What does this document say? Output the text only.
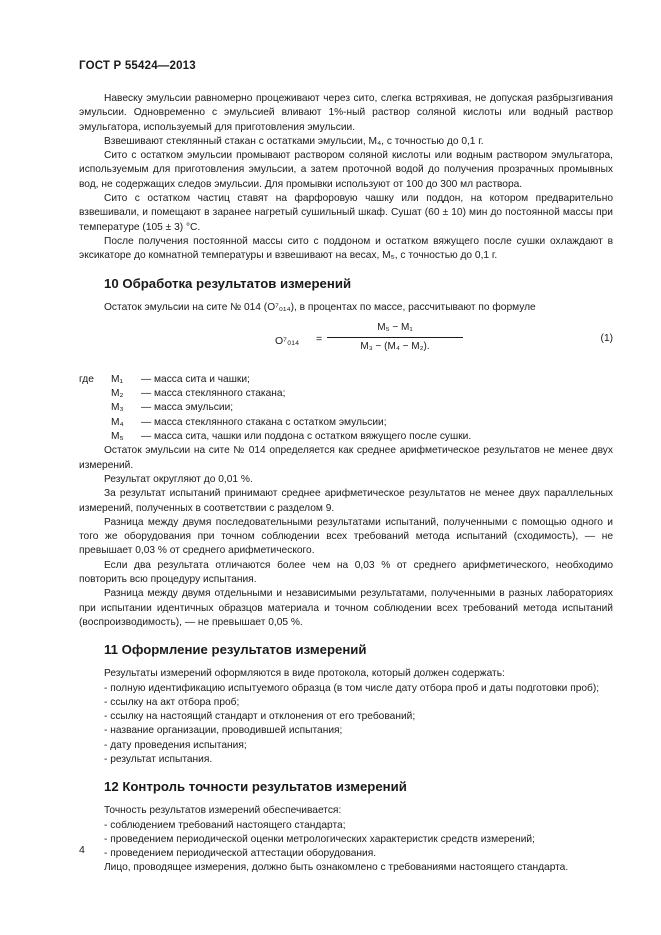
ГОСТ Р 55424—2013

Навеску эмульсии равномерно процеживают через сито, слегка встряхивая, не допуская разбрызгивания эмульсии. Одновременно с эмульсией вливают 1%-ный раствор соляной кислоты или водный раствор эмульгатора, используемый для приготовления эмульсии.

Взвешивают стеклянный стакан с остатками эмульсии, M₄, с точностью до 0,1 г.

Сито с остатком эмульсии промывают раствором соляной кислоты или водным раствором эмульгатора, используемым для приготовления эмульсии, а затем проточной водой до получения прозрачных промывных вод, не содержащих следов эмульсии. Для промывки используют от 100 до 300 мл раствора.

Сито с остатком частиц ставят на фарфоровую чашку или поддон, на котором предварительно взвешивали, и помещают в заранее нагретый сушильный шкаф. Сушат (60 ± 10) мин до постоянной массы при температуре (105 ± 3) °С.

После получения постоянной массы сито с поддоном и остатком вяжущего после сушки охлаждают в эксикаторе до комнатной температуры и взвешивают на весах, M₅, с точностью до 0,1 г.

10 Обработка результатов измерений

Остаток эмульсии на сите № 014 (O⁷₀₁₄), в процентах по массе, рассчитывают по формуле

O⁷₀₁₄ =
M₅ − M₁
M₃ − (M₄ − M₂).
(1)
где	M₁	— масса сита и чашки;
M₂	— масса стеклянного стакана;
M₃	— масса эмульсии;
M₄	— масса стеклянного стакана с остатком эмульсии;
M₅	— масса сита, чашки или поддона с остатком вяжущего после сушки.

Остаток эмульсии на сите № 014 определяется как среднее арифметическое результатов не менее двух измерений.

Результат округляют до 0,01 %.

За результат испытаний принимают среднее арифметическое результатов не менее двух параллельных измерений, полученных в соответствии с разделом 9.

Разница между двумя последовательными результатами испытаний, полученными с помощью одного и того же оборудования при точном соблюдении всех требований метода испытаний (сходимость), — не превышает 0,03 % от среднего арифметического.

Если два результата отличаются более чем на 0,03 % от среднего арифметического, необходимо повторить всю процедуру испытания.

Разница между двумя отдельными и независимыми результатами, полученными в разных лабораториях при испытании идентичных образцов материала и точном соблюдении всех требований метода испытаний (воспроизводимость), — не превышает 0,05 %.

11 Оформление результатов измерений

Результаты измерений оформляются в виде протокола, который должен содержать:

- полную идентификацию испытуемого образца (в том числе дату отбора проб и даты подготовки проб);
- ссылку на акт отбора проб;
- ссылку на настоящий стандарт и отклонения от его требований;
- название организации, проводившей испытания;
- дату проведения испытания;
- результат испытания.
12 Контроль точности результатов измерений

Точность результатов измерений обеспечивается:

- соблюдением требований настоящего стандарта;
- проведением периодической оценки метрологических характеристик средств измерений;
- проведением периодической аттестации оборудования.

Лицо, проводящее измерения, должно быть ознакомлено с требованиями настоящего стандарта.

4
